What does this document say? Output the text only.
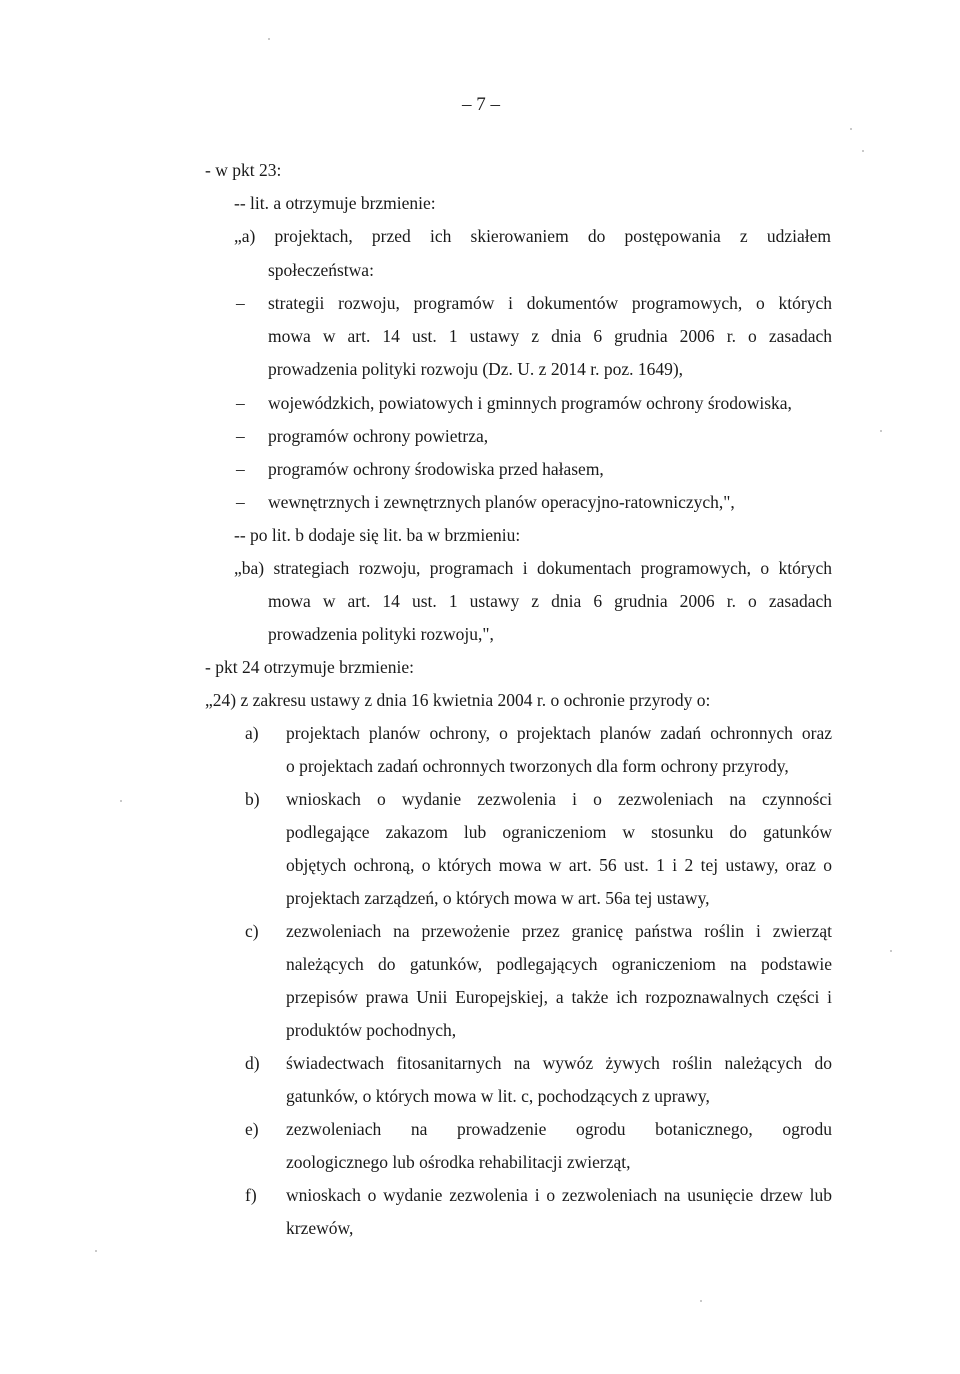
– 7 –
- w pkt 23:
-- lit. a otrzymuje brzmienie:
„a) projektach, przed ich skierowaniem do postępowania z udziałem
społeczeństwa:
– strategii rozwoju, programów i dokumentów programowych, o których
mowa w art. 14 ust. 1 ustawy z dnia 6 grudnia 2006 r. o zasadach
prowadzenia polityki rozwoju (Dz. U. z 2014 r. poz. 1649),
– wojewódzkich, powiatowych i gminnych programów ochrony środowiska,
– programów ochrony powietrza,
– programów ochrony środowiska przed hałasem,
– wewnętrznych i zewnętrznych planów operacyjno-ratowniczych,",
-- po lit. b dodaje się lit. ba w brzmieniu:
„ba) strategiach rozwoju, programach i dokumentach programowych, o których
mowa w art. 14 ust. 1 ustawy z dnia 6 grudnia 2006 r. o zasadach
prowadzenia polityki rozwoju,",
- pkt 24 otrzymuje brzmienie:
„24) z zakresu ustawy z dnia 16 kwietnia 2004 r. o ochronie przyrody o:
a) projektach planów ochrony, o projektach planów zadań ochronnych oraz
o projektach zadań ochronnych tworzonych dla form ochrony przyrody,
b) wnioskach o wydanie zezwolenia i o zezwoleniach na czynności
podlegające zakazom lub ograniczeniom w stosunku do gatunków
objętych ochroną, o których mowa w art. 56 ust. 1 i 2 tej ustawy, oraz o
projektach zarządzeń, o których mowa w art. 56a tej ustawy,
c) zezwoleniach na przewożenie przez granicę państwa roślin i zwierząt
należących do gatunków, podlegających ograniczeniom na podstawie
przepisów prawa Unii Europejskiej, a także ich rozpoznawalnych części i
produktów pochodnych,
d) świadectwach fitosanitarnych na wywóz żywych roślin należących do
gatunków, o których mowa w lit. c, pochodzących z uprawy,
e) zezwoleniach na prowadzenie ogrodu botanicznego, ogrodu
zoologicznego lub ośrodka rehabilitacji zwierząt,
f) wnioskach o wydanie zezwolenia i o zezwoleniach na usunięcie drzew lub
krzewów,
